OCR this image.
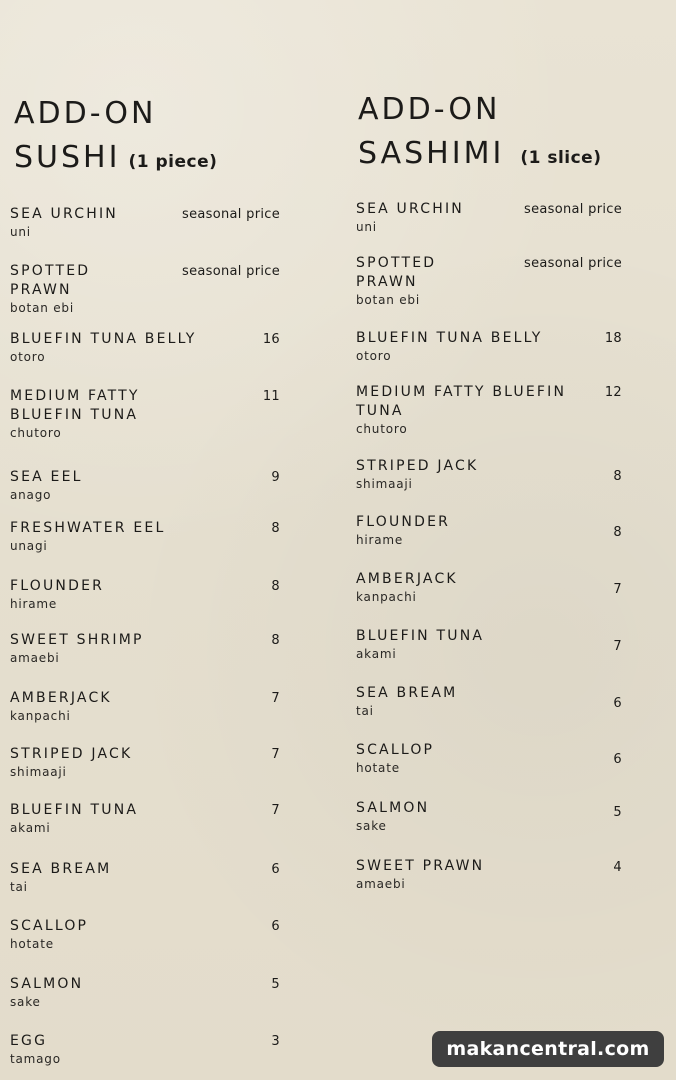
ADD-ON
SUSHI (1 piece)
SEA URCHIN
uni
seasonal price
SPOTTED PRAWN
botan ebi
seasonal price
BLUEFIN TUNA BELLY
otoro
16
MEDIUM FATTY BLUEFIN TUNA
chutoro
11
SEA EEL
anago
9
FRESHWATER EEL
unagi
8
FLOUNDER
hirame
8
SWEET SHRIMP
amaebi
8
AMBERJACK
kanpachi
7
STRIPED JACK
shimaaji
7
BLUEFIN TUNA
akami
7
SEA BREAM
tai
6
SCALLOP
hotate
6
SALMON
sake
5
EGG
tamago
3
ADD-ON
SASHIMI (1 slice)
SEA URCHIN
uni
seasonal price
SPOTTED PRAWN
botan ebi
seasonal price
BLUEFIN TUNA BELLY
otoro
18
MEDIUM FATTY BLUEFIN TUNA
chutoro
12
STRIPED JACK
shimaaji	8
FLOUNDER
hirame	8
AMBERJACK
kanpachi	7
BLUEFIN TUNA
akami	7
SEA BREAM
tai	6
SCALLOP
hotate
6
SALMON
sake
5
SWEET PRAWN
amaebi
4
makancentral.com
